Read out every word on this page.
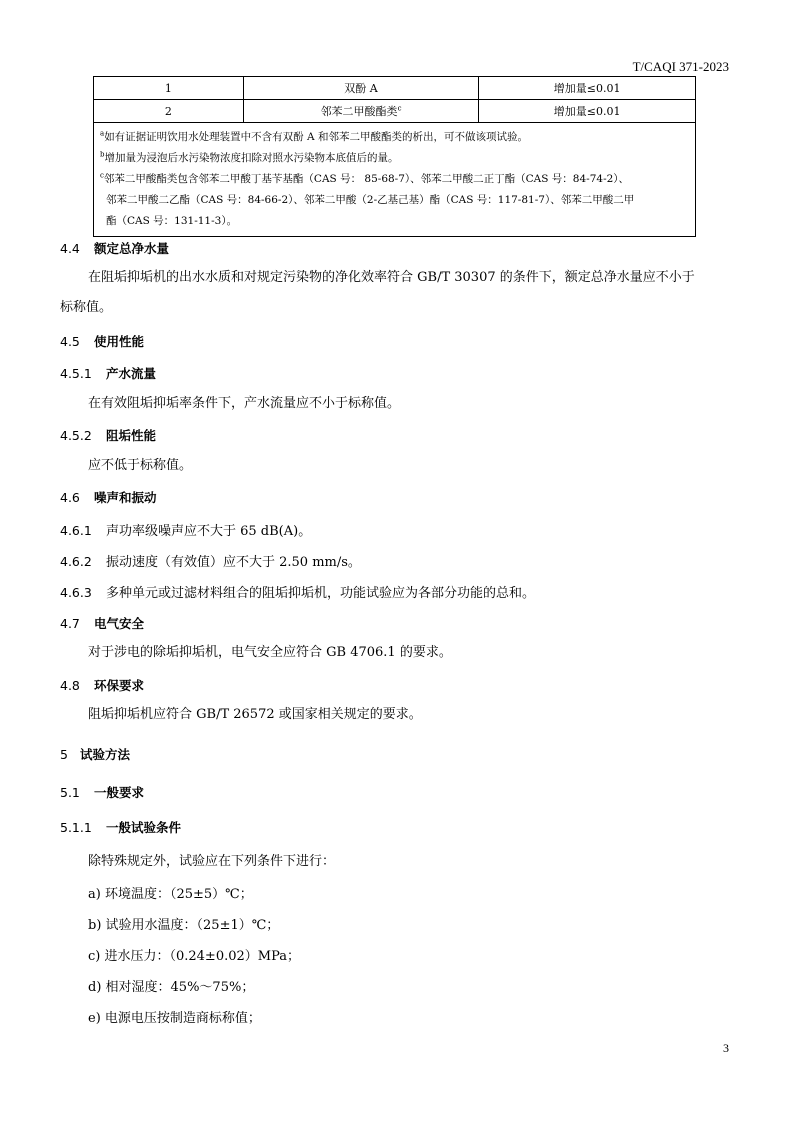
T/CAQI 371-2023
1	双酚 A	增加量≤0.01
2	邻苯二甲酸酯类$^c$	增加量≤0.01

$^a$如有证据证明饮用水处理装置中不含有双酚 A 和邻苯二甲酸酯类的析出，可不做该项试验。

$^b$增加量为浸泡后水污染物浓度扣除对照水污染物本底值后的量。

$^c$邻苯二甲酸酯类包含邻苯二甲酸丁基苄基酯（CAS 号： 85-68-7）、邻苯二甲酸二正丁酯（CAS 号：84-74-2）、

邻苯二甲酸二乙酯（CAS 号：84-66-2）、邻苯二甲酸（2-乙基己基）酯（CAS 号：117-81-7）、邻苯二甲酸二甲

酯（CAS 号：131-11-3）。		

4.4 额定总净水量
在阻垢抑垢机的出水水质和对规定污染物的净化效率符合 GB/T 30307 的条件下，额定总净水量应不小于
标称值。
4.5 使用性能
4.5.1 产水流量
在有效阻垢抑垢率条件下，产水流量应不小于标称值。
4.5.2 阻垢性能
应不低于标称值。
4.6 噪声和振动
4.6.1 声功率级噪声应不大于 65 dB(A)。
4.6.2 振动速度（有效值）应不大于 2.50 mm/s。
4.6.3 多种单元或过滤材料组合的阻垢抑垢机，功能试验应为各部分功能的总和。
4.7 电气安全
对于涉电的除垢抑垢机，电气安全应符合 GB 4706.1 的要求。
4.8 环保要求
阻垢抑垢机应符合 GB/T 26572 或国家相关规定的要求。
5 试验方法
5.1 一般要求
5.1.1 一般试验条件
除特殊规定外，试验应在下列条件下进行：
a) 环境温度：（25±5）℃；
b) 试验用水温度：（25±1）℃；
c) 进水压力：（0.24±0.02）MPa；
d) 相对湿度：45%～75%；
e) 电源电压按制造商标称值；
3
